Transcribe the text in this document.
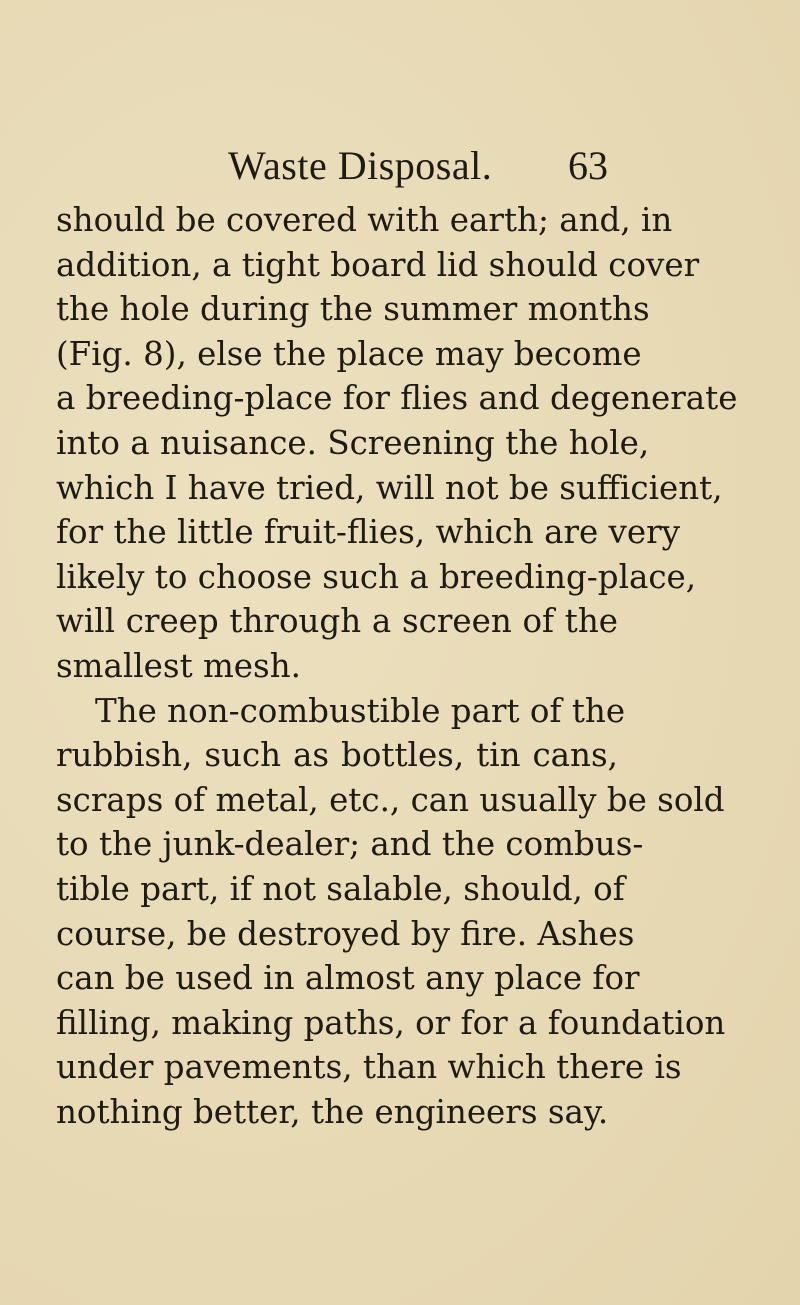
Waste Disposal. 63
should be covered with earth; and, in
addition, a tight board lid should cover
the hole during the summer months
(Fig. 8), else the place may become
a breeding-place for flies and degenerate
into a nuisance. Screening the hole,
which I have tried, will not be sufficient,
for the little fruit-flies, which are very
likely to choose such a breeding-place,
will creep through a screen of the
smallest mesh.
The non-combustible part of the
rubbish, such as bottles, tin cans,
scraps of metal, etc., can usually be sold
to the junk-dealer; and the combus-
tible part, if not salable, should, of
course, be destroyed by fire. Ashes
can be used in almost any place for
filling, making paths, or for a foundation
under pavements, than which there is
nothing better, the engineers say.
